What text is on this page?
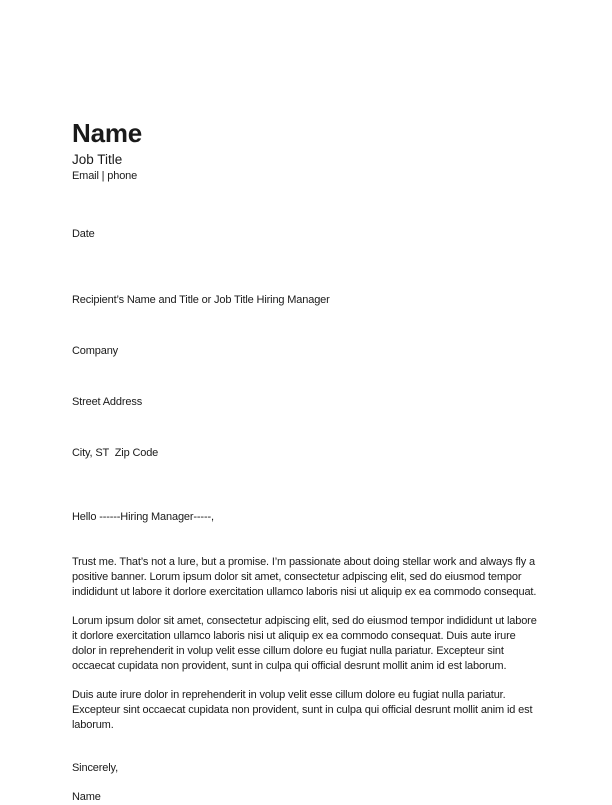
Name
Job Title
Email | phone
Date

Recipient’s Name and Title or Job Title Hiring Manager

Company

Street Address

City, ST  Zip Code

Hello ------Hiring Manager-----,

Trust me. That’s not a lure, but a promise. I’m passionate about doing stellar work and always fly a positive banner. Lorum ipsum dolor sit amet, consectetur adpiscing elit, sed do eiusmod tempor indididunt ut labore it dorlore exercitation ullamco laboris nisi ut aliquip ex ea commodo consequat.

Lorum ipsum dolor sit amet, consectetur adpiscing elit, sed do eiusmod tempor indididunt ut labore it dorlore exercitation ullamco laboris nisi ut aliquip ex ea commodo consequat. Duis aute irure dolor in reprehenderit in volup velit esse cillum dolore eu fugiat nulla pariatur. Excepteur sint occaecat cupidata non provident, sunt in culpa qui official desrunt mollit anim id est laborum.

Duis aute irure dolor in reprehenderit in volup velit esse cillum dolore eu fugiat nulla pariatur. Excepteur sint occaecat cupidata non provident, sunt in culpa qui official desrunt mollit anim id est laborum.

Sincerely,
Name
